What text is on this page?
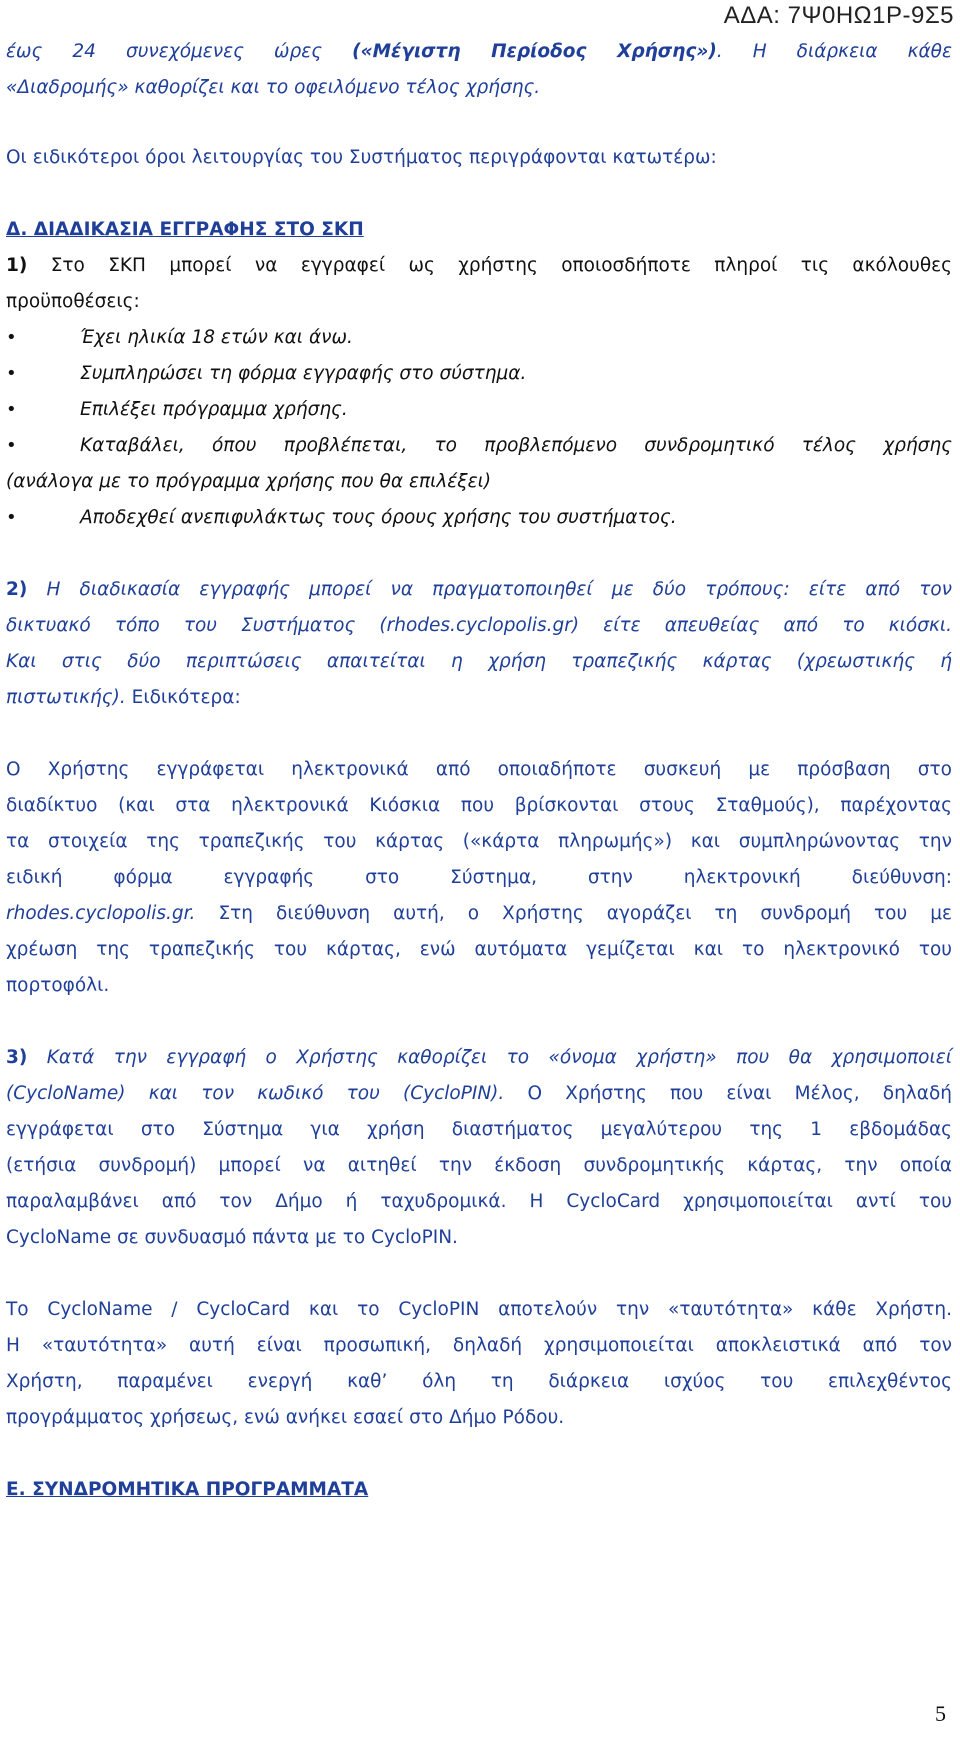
ΑΔΑ: 7Ψ0ΗΩ1Ρ-9Σ5
έως 24 συνεχόμενες ώρες («Μέγιστη Περίοδος Χρήσης»). Η διάρκεια κάθε
«Διαδρομής» καθορίζει και το οφειλόμενο τέλος χρήσης.
Οι ειδικότεροι όροι λειτουργίας του Συστήματος περιγράφονται κατωτέρω:
Δ. ΔΙΑΔΙΚΑΣΙΑ ΕΓΓΡΑΦΗΣ ΣΤΟ ΣΚΠ
1) Στο ΣΚΠ μπορεί να εγγραφεί ως χρήστης οποιοσδήποτε πληροί τις ακόλουθες
προϋποθέσεις:
•	Έχει ηλικία 18 ετών και άνω.
•	Συμπληρώσει τη φόρμα εγγραφής στο σύστημα.
•	Επιλέξει πρόγραμμα χρήσης.
•	Καταβάλει, όπου προβλέπεται, το προβλεπόμενο συνδρομητικό τέλος χρήσης
(ανάλογα με το πρόγραμμα χρήσης που θα επιλέξει)
•	Αποδεχθεί ανεπιφυλάκτως τους όρους χρήσης του συστήματος.
2) Η διαδικασία εγγραφής μπορεί να πραγματοποιηθεί με δύο τρόπους: είτε από τον
δικτυακό τόπο του Συστήματος (rhodes.cyclopolis.gr) είτε απευθείας από το κιόσκι.
Και στις δύο περιπτώσεις απαιτείται η χρήση τραπεζικής κάρτας (χρεωστικής ή
πιστωτικής). Ειδικότερα:
Ο Χρήστης εγγράφεται ηλεκτρονικά από οποιαδήποτε συσκευή με πρόσβαση στο
διαδίκτυο (και στα ηλεκτρονικά Κιόσκια που βρίσκονται στους Σταθμούς), παρέχοντας
τα στοιχεία της τραπεζικής του κάρτας («κάρτα πληρωμής») και συμπληρώνοντας την
ειδική φόρμα εγγραφής στο Σύστημα, στην ηλεκτρονική διεύθυνση:
rhodes.cyclopolis.gr. Στη διεύθυνση αυτή, ο Χρήστης αγοράζει τη συνδρομή του με
χρέωση της τραπεζικής του κάρτας, ενώ αυτόματα γεμίζεται και το ηλεκτρονικό του
πορτοφόλι.
3) Κατά την εγγραφή ο Χρήστης καθορίζει το «όνομα χρήστη» που θα χρησιμοποιεί
(CycloName) και τον κωδικό του (CycloPIN). Ο Χρήστης που είναι Μέλος, δηλαδή
εγγράφεται στο Σύστημα για χρήση διαστήματος μεγαλύτερου της 1 εβδομάδας
(ετήσια συνδρομή) μπορεί να αιτηθεί την έκδοση συνδρομητικής κάρτας, την οποία
παραλαμβάνει από τον Δήμο ή ταχυδρομικά. Η CycloCard χρησιμοποιείται αντί του
CycloName σε συνδυασμό πάντα με το CycloPIN.
Το CycloName / CycloCard και το CycloPIN αποτελούν την «ταυτότητα» κάθε Χρήστη.
Η «ταυτότητα» αυτή είναι προσωπική, δηλαδή χρησιμοποιείται αποκλειστικά από τον
Χρήστη, παραμένει ενεργή καθ’ όλη τη διάρκεια ισχύος του επιλεχθέντος
προγράμματος χρήσεως, ενώ ανήκει εσαεί στο Δήμο Ρόδου.
Ε. ΣΥΝΔΡΟΜΗΤΙΚΑ ΠΡΟΓΡΑΜΜΑΤΑ
5
